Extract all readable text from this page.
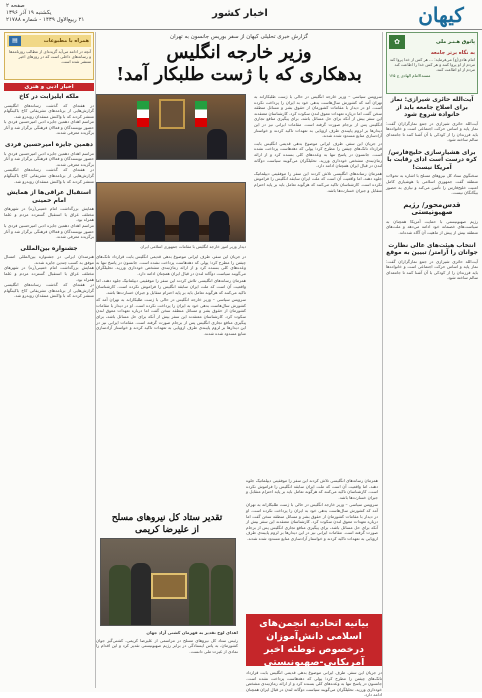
صفحه ۲
یکشنبه ۱۹ آذر ۱۳۹۶
۲۱ ربیع‌الاول ۱۴۳۹ - شماره ۲۱۷۸۸
اخبار کشور	کیهان
پاتوق هـنـر ملی
✿
به نگاه برتر جامعه
امام هادی(ع) می‌فرماید: ... هر کس از خدا پروا کند مردم از او پروا کنند و هر کس خدا را اطاعت کند مردم از او اطاعت کنند.
مسندالامام الهادی ج ۱۲۵
آیت‌الله حائری شیرازی: نماز برای اصلاح جامعه باید از خانواده شروع شود
آیت‌الله حائری شیرازی در جمع نمازگزاران گفت: نماز پایه و اساس حرکت اجتماعی است و خانواده‌ها باید فرزندان را از کودکی با آن آشنا کنند تا جامعه‌ای سالم ساخته شود.
برای هشیارسازی خلیج‌فارس/ کره درست است ادای رقابت با آمریکا نیست!
سخنگوی ستاد کل نیروهای مسلح با اشاره به تحولات منطقه گفت جمهوری اسلامی با هوشیاری کامل امنیت خلیج‌فارس را تأمین می‌کند و نیازی به حضور بیگانگان نیست.
قدس‌محور/ رژیم صهیونیستی
رژیم صهیونیستی با حمایت آمریکا همچنان به سیاست‌های خصمانه خود ادامه می‌دهد و ملت‌های منطقه بیش از پیش از ماهیت آن آگاه شده‌اند.
انتخاب هیئت‌های عالی نظارت جوانان را آرامتر/ تبیین به موقع
آیت‌الله حائری شیرازی در جمع نمازگزاران گفت: نماز پایه و اساس حرکت اجتماعی است و خانواده‌ها باید فرزندان را از کودکی با آن آشنا کنند تا جامعه‌ای سالم ساخته شود.
گزارش خبری تحلیلی کیهان از سفر بوریس جانسون به تهران
وزیر خارجه انگلیس
بدهکاری که با ژست طلبکار آمد!

سرویس سیاسی – وزیر خارجه انگلیس در حالی با ژست طلبکارانه به تهران آمد که کشورش سال‌هاست بدهی خود به ایران را پرداخت نکرده است. او در دیدار با مقامات کشورمان از حقوق بشر و مسائل منطقه سخن گفت اما درباره تعهدات معوق لندن سکوت کرد. کارشناسان معتقدند این سفر بیش از آنکه برای حل مسائل باشد، برای پیگیری منافع تجاری انگلیس پس از برجام صورت گرفته است. مقامات ایرانی نیز در این دیدارها بر لزوم پایبندی طرف اروپایی به تعهدات تاکید کردند و خواستار آزادسازی منابع مسدود شده شدند.

در جریان این سفر، طرف ایرانی موضوع بدهی قدیمی انگلیس بابت قرارداد تانک‌های چیفتن را مطرح کرد؛ پولی که دهه‌هاست پرداخت نشده است. جانسون در پاسخ تنها به وعده‌های کلی بسنده کرد و از ارائه زمان‌بندی مشخص خودداری ورزید. تحلیلگران می‌گویند سیاست دوگانه لندن در قبال ایران همچنان ادامه دارد.

همزمان رسانه‌های انگلیسی تلاش کردند این سفر را موفقیتی دیپلماتیک جلوه دهند، اما واقعیت آن است که ملت ایران سابقه انگلیس را فراموش نکرده است. کارشناسان تاکید می‌کنند که هرگونه تعامل باید بر پایه احترام متقابل و جبران خسارت‌ها باشد.

دیدار وزیر امور خارجه انگلیس با مقامات جمهوری اسلامی ایران

در جریان این سفر، طرف ایرانی موضوع بدهی قدیمی انگلیس بابت قرارداد تانک‌های چیفتن را مطرح کرد؛ پولی که دهه‌هاست پرداخت نشده است. جانسون در پاسخ تنها به وعده‌های کلی بسنده کرد و از ارائه زمان‌بندی مشخص خودداری ورزید. تحلیلگران می‌گویند سیاست دوگانه لندن در قبال ایران همچنان ادامه دارد.

همزمان رسانه‌های انگلیسی تلاش کردند این سفر را موفقیتی دیپلماتیک جلوه دهند، اما واقعیت آن است که ملت ایران سابقه انگلیس را فراموش نکرده است. کارشناسان تاکید می‌کنند که هرگونه تعامل باید بر پایه احترام متقابل و جبران خسارت‌ها باشد.

سرویس سیاسی – وزیر خارجه انگلیس در حالی با ژست طلبکارانه به تهران آمد که کشورش سال‌هاست بدهی خود به ایران را پرداخت نکرده است. او در دیدار با مقامات کشورمان از حقوق بشر و مسائل منطقه سخن گفت اما درباره تعهدات معوق لندن سکوت کرد. کارشناسان معتقدند این سفر بیش از آنکه برای حل مسائل باشد، برای پیگیری منافع تجاری انگلیس پس از برجام صورت گرفته است. مقامات ایرانی نیز در این دیدارها بر لزوم پایبندی طرف اروپایی به تعهدات تاکید کردند و خواستار آزادسازی منابع مسدود شده شدند.

همزمان رسانه‌های انگلیسی تلاش کردند این سفر را موفقیتی دیپلماتیک جلوه دهند، اما واقعیت آن است که ملت ایران سابقه انگلیس را فراموش نکرده است. کارشناسان تاکید می‌کنند که هرگونه تعامل باید بر پایه احترام متقابل و جبران خسارت‌ها باشد.

سرویس سیاسی – وزیر خارجه انگلیس در حالی با ژست طلبکارانه به تهران آمد که کشورش سال‌هاست بدهی خود به ایران را پرداخت نکرده است. او در دیدار با مقامات کشورمان از حقوق بشر و مسائل منطقه سخن گفت اما درباره تعهدات معوق لندن سکوت کرد. کارشناسان معتقدند این سفر بیش از آنکه برای حل مسائل باشد، برای پیگیری منافع تجاری انگلیس پس از برجام صورت گرفته است. مقامات ایرانی نیز در این دیدارها بر لزوم پایبندی طرف اروپایی به تعهدات تاکید کردند و خواستار آزادسازی منابع مسدود شده شدند.

بیانیه اتحادیه انجمن‌های اسلامی دانش‌آموزان
درخصوص توطئه اخیر آمریکایی-صهیونیستی
در جریان این سفر، طرف ایرانی موضوع بدهی قدیمی انگلیس بابت قرارداد تانک‌های چیفتن را مطرح کرد؛ پولی که دهه‌هاست پرداخت نشده است. جانسون در پاسخ تنها به وعده‌های کلی بسنده کرد و از ارائه زمان‌بندی مشخص خودداری ورزید. تحلیلگران می‌گویند سیاست دوگانه لندن در قبال ایران همچنان ادامه دارد.
تقدیر ستاد کل نیروهای مسلح
از علیرضا کریمی

اهدای لوح تقدیر به قهرمان کشتی آزاد جهان

رئیس ستاد کل نیروهای مسلح در مراسمی از علیرضا کریمی، کشتی‌گیر جوان کشورمان، به پاس ایستادگی در برابر رژیم صهیونیستی تقدیر کرد و این اقدام را نمادی از غیرت ملی دانست.

همراه با مطبوعات
▤
آنچه در ادامه می‌آید گزیده‌ای از مطالب روزنامه‌ها و رسانه‌های داخلی است که در روزهای اخیر منتشر شده است.
اخبار ادبی و هنری
ملکه ایلیزابت در کاخ
در هفته‌ای که گذشت رسانه‌های انگلیسی گزارش‌هایی از برنامه‌های تشریفاتی کاخ باکینگهام منتشر کردند که با واکنش منتقدان روبه‌رو شد.
مراسم اهدای دهمین جایزه ادبی امیرحسین فردی با حضور نویسندگان و فعالان فرهنگی برگزار شد و آثار برگزیده معرفی شدند.
دهمین جایزه امیرحسین فردی
مراسم اهدای دهمین جایزه ادبی امیرحسین فردی با حضور نویسندگان و فعالان فرهنگی برگزار شد و آثار برگزیده معرفی شدند.
در هفته‌ای که گذشت رسانه‌های انگلیسی گزارش‌هایی از برنامه‌های تشریفاتی کاخ باکینگهام منتشر کردند که با واکنش منتقدان روبه‌رو شد.
استقبال عراقی‌ها از همایش امام خمینی
همایش بزرگداشت امام خمینی(ره) در شهرهای مختلف عراق با استقبال گسترده مردم و علما همراه بود.
مراسم اهدای دهمین جایزه ادبی امیرحسین فردی با حضور نویسندگان و فعالان فرهنگی برگزار شد و آثار برگزیده معرفی شدند.
جشنواره بین‌المللی
هنرمندان ایرانی در جشنواره بین‌المللی امسال موفق به کسب چندین جایزه شدند.
همایش بزرگداشت امام خمینی(ره) در شهرهای مختلف عراق با استقبال گسترده مردم و علما همراه بود.
در هفته‌ای که گذشت رسانه‌های انگلیسی گزارش‌هایی از برنامه‌های تشریفاتی کاخ باکینگهام منتشر کردند که با واکنش منتقدان روبه‌رو شد.
